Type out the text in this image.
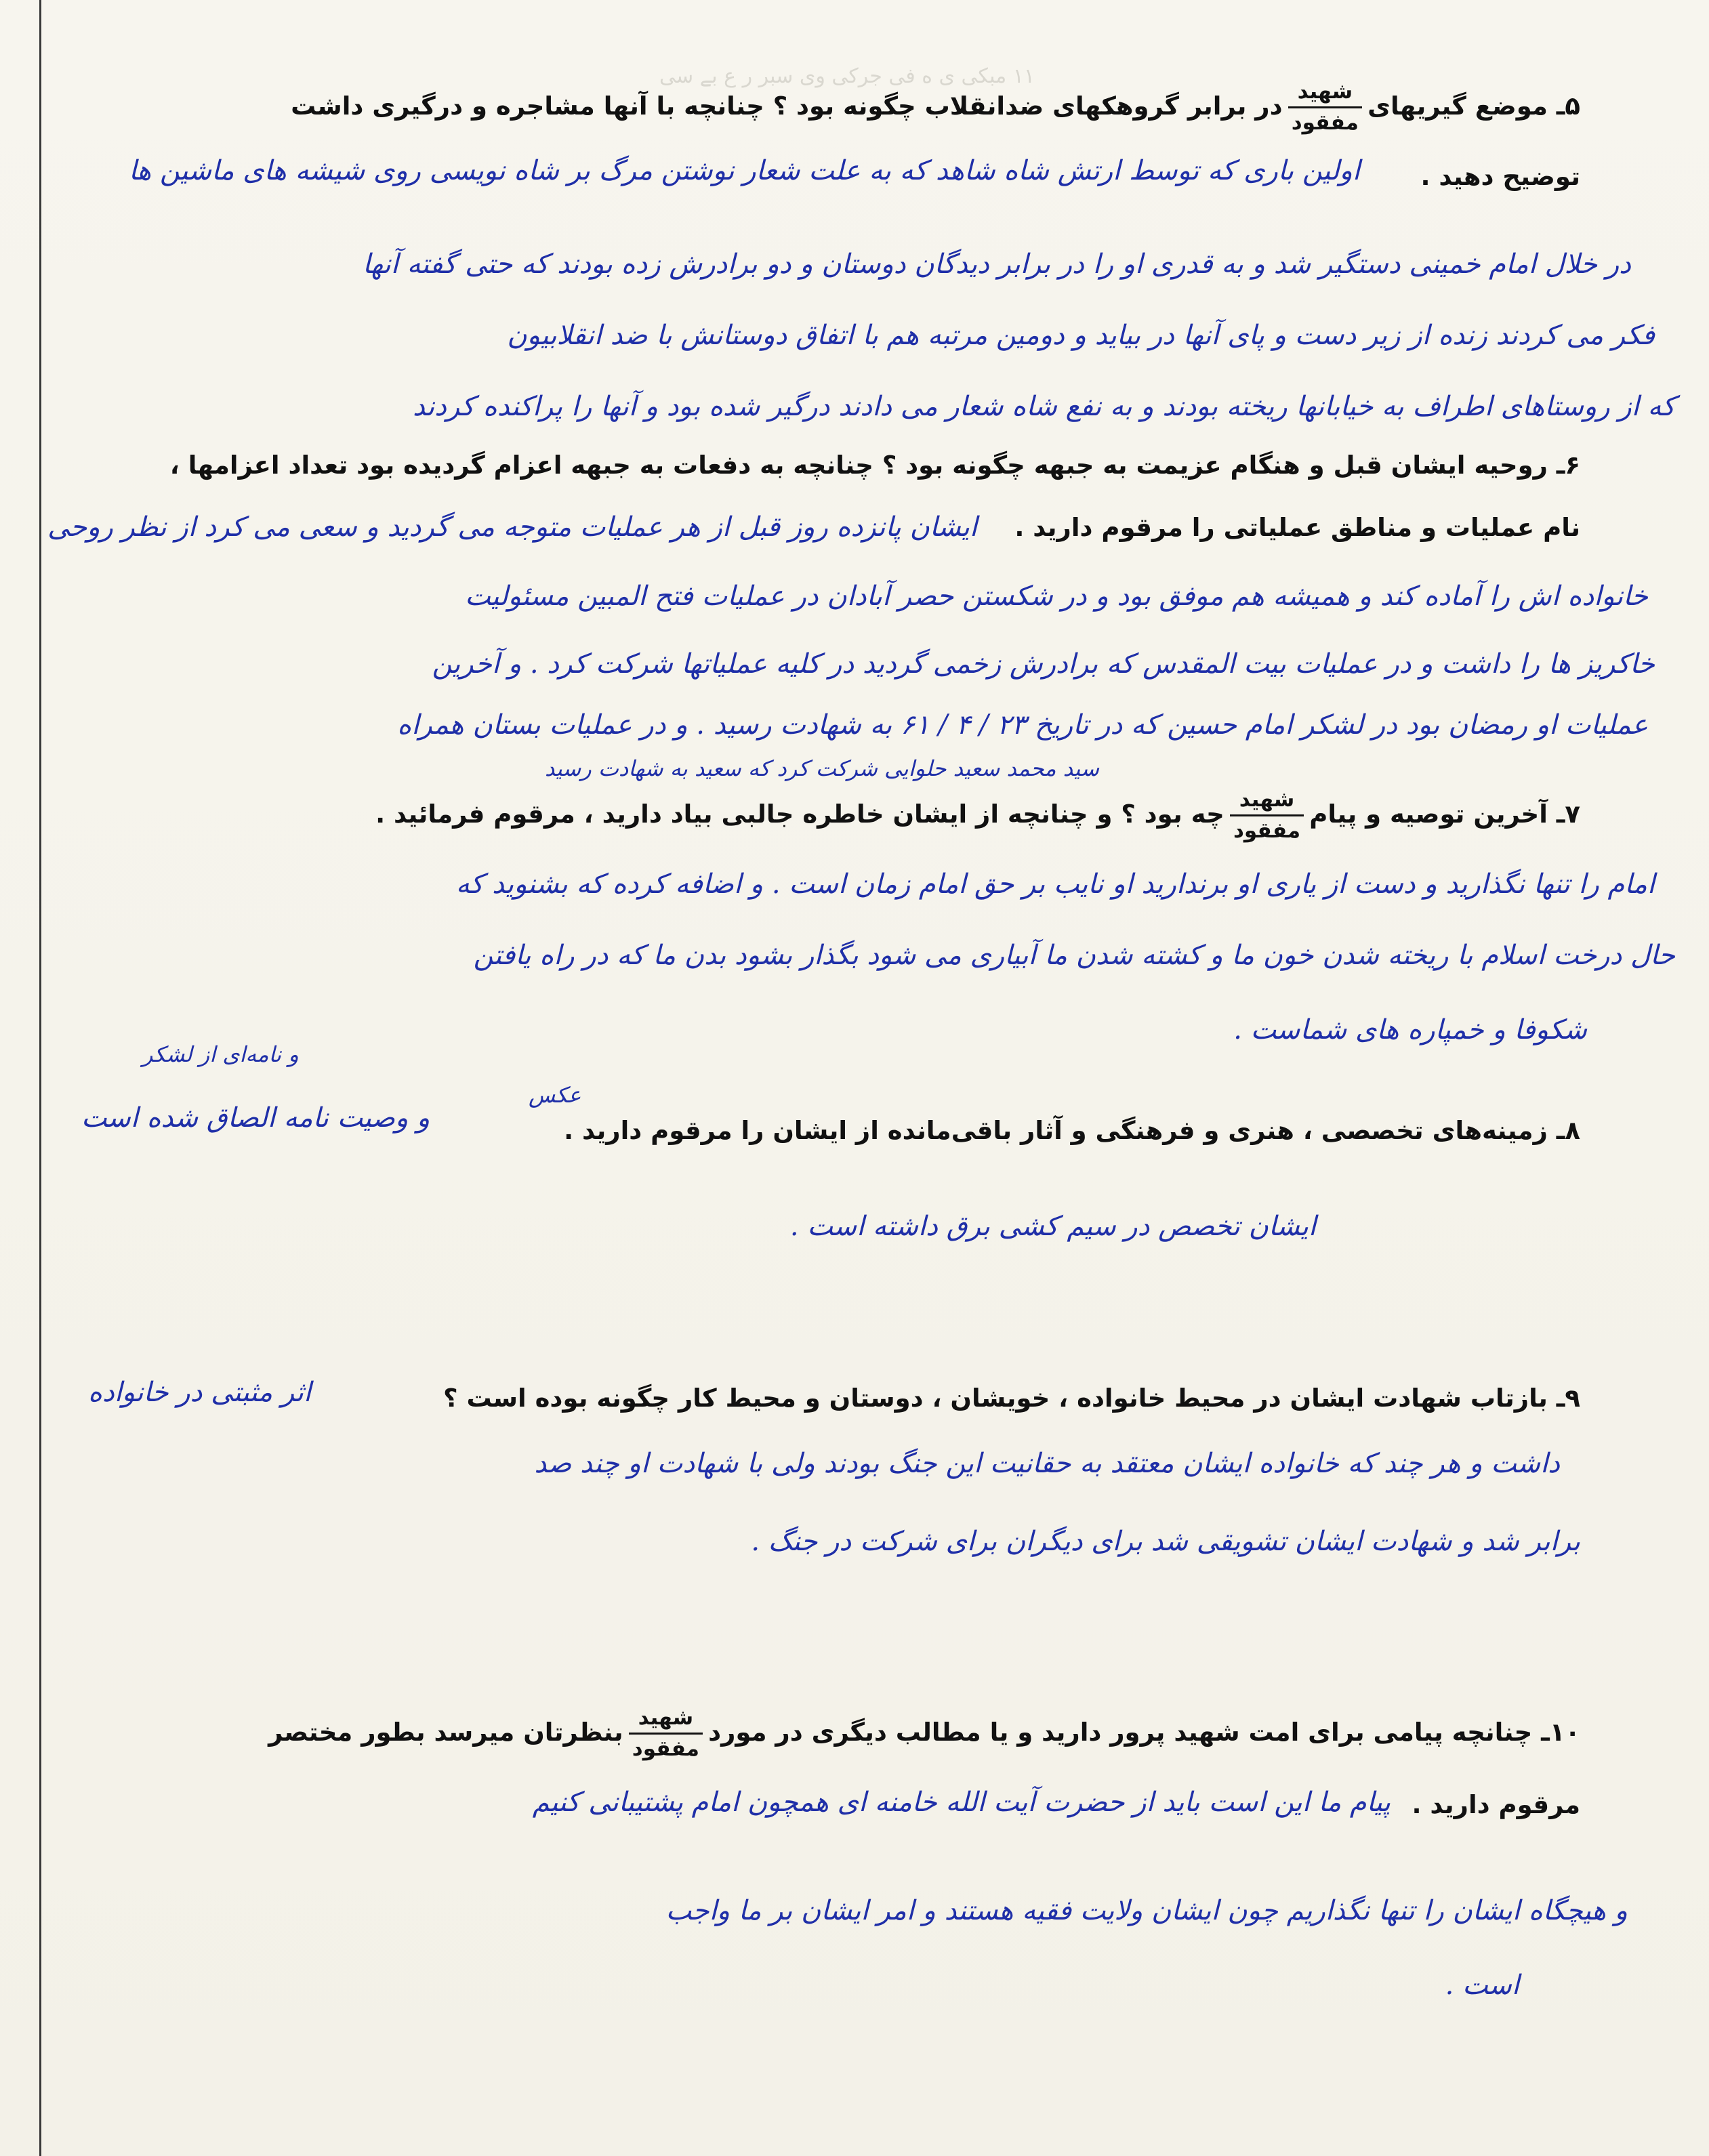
۱۱ مبکی ی ه فی جرکی وی سبر ر ع بے سی
۵ـ موضع گیریهای
$\frac{\text{شهید}}{\text{مفقود}}$
در برابر گروهکهای ضدانقلاب چگونه بود ؟ چنانچه با آنها مشاجره و درگیری داشت
توضیح دهید .
اولین باری که توسط ارتش شاه شاهد که به علت شعار نوشتن مرگ بر شاه نویسی روی شیشه های ماشین ها
در خلال امام خمینی دستگیر شد و به قدری او را در برابر دیدگان دوستان و دو برادرش زده بودند که حتی گفته آنها
فکر می کردند زنده از زیر دست و پای آنها در بیاید و دومین مرتبه هم با اتفاق دوستانش با ضد انقلابیون
که از روستاهای اطراف به خیابانها ریخته بودند و به نفع شاه شعار می دادند درگیر شده بود و آنها را پراکنده کردند
۶ـ روحیه ایشان قبل و هنگام عزیمت به جبهه چگونه بود ؟ چنانچه به دفعات به جبهه اعزام گردیده بود تعداد اعزامها ،
نام عملیات و مناطق عملیاتی را مرقوم دارید .
ایشان پانزده روز قبل از هر عملیات متوجه می گردید و سعی می کرد از نظر روحی
خانواده اش را آماده کند و همیشه هم موفق بود و در شکستن حصر آبادان در عملیات فتح المبین مسئولیت
خاکریز ها را داشت و در عملیات بیت المقدس که برادرش زخمی گردید در کلیه عملیاتها شرکت کرد . و آخرین
عملیات او رمضان بود در لشکر امام حسین که در تاریخ ۲۳ / ۴ / ۶۱ به شهادت رسید . و در عملیات بستان همراه
سید محمد سعید حلوایی شرکت کرد که سعید به شهادت رسید
۷ـ آخرین توصیه و پیام
$\frac{\text{شهید}}{\text{مفقود}}$
چه بود ؟ و چنانچه از ایشان خاطره جالبی بیاد دارید ، مرقوم فرمائید .
امام را تنها نگذارید و دست از یاری او برندارید او نایب بر حق امام زمان است . و اضافه کرده که بشنوید که
حال درخت اسلام با ریخته شدن خون ما و کشته شدن ما آبیاری می شود بگذار بشود بدن ما که در راه یافتن
شکوفا و خمپاره های شماست .
و نامه‌ای از لشکر
عکس
۸ـ زمینه‌های تخصصی ، هنری و فرهنگی و آثار باقی‌مانده از ایشان را مرقوم دارید .
و وصیت نامه الصاق شده است
ایشان تخصص در سیم کشی برق داشته است .
۹ـ بازتاب شهادت ایشان در محیط خانواده ، خویشان ، دوستان و محیط کار چگونه بوده است ؟
اثر مثبتی در خانواده
داشت و هر چند که خانواده ایشان معتقد به حقانیت این جنگ بودند ولی با شهادت او چند صد
برابر شد و شهادت ایشان تشویقی شد برای دیگران برای شرکت در جنگ .
۱۰ـ چنانچه پیامی برای امت شهید پرور دارید و یا مطالب دیگری در مورد
$\frac{\text{شهید}}{\text{مفقود}}$
بنظرتان میرسد بطور مختصر
مرقوم دارید .
پیام ما این است باید از حضرت آیت الله خامنه ای همچون امام پشتیبانی کنیم
و هیچگاه ایشان را تنها نگذاریم چون ایشان ولایت فقیه هستند و امر ایشان بر ما واجب
است .
